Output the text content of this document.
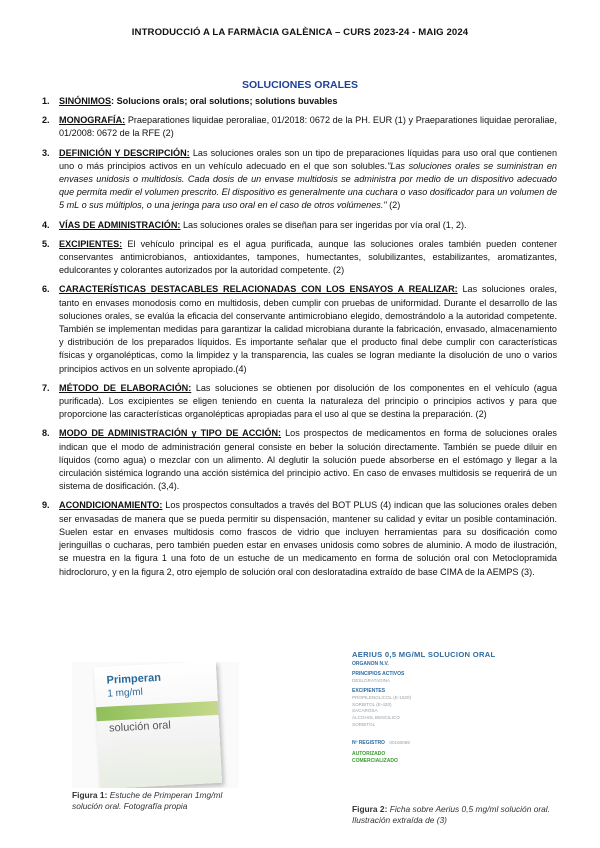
INTRODUCCIÓ A LA FARMÀCIA GALÈNICA – CURS 2023-24 - MAIG 2024
SOLUCIONES ORALES
1. SINÓNIMOS: Solucions orals; oral solutions; solutions buvables
2. MONOGRAFÍA: Praeparationes liquidae peroraliae, 01/2018: 0672 de la PH. EUR (1) y Praeparationes liquidae peroraliae, 01/2008: 0672 de la RFE (2)
3. DEFINICIÓN Y DESCRIPCIÓN: Las soluciones orales son un tipo de preparaciones líquidas para uso oral que contienen uno o más principios activos en un vehículo adecuado en el que son solubles."Las soluciones orales se suministran en envases unidosis o multidosis. Cada dosis de un envase multidosis se administra por medio de un dispositivo adecuado que permita medir el volumen prescrito. El dispositivo es generalmente una cuchara o vaso dosificador para un volumen de 5 mL o sus múltiplos, o una jeringa para uso oral en el caso de otros volúmenes." (2)
4. VÍAS DE ADMINISTRACIÓN: Las soluciones orales se diseñan para ser ingeridas por vía oral (1, 2).
5. EXCIPIENTES: El vehículo principal es el agua purificada, aunque las soluciones orales también pueden contener conservantes antimicrobianos, antioxidantes, tampones, humectantes, solubilizantes, estabilizantes, aromatizantes, edulcorantes y colorantes autorizados por la autoridad competente. (2)
6. CARACTERÍSTICAS DESTACABLES RELACIONADAS CON LOS ENSAYOS A REALIZAR: Las soluciones orales, tanto en envases monodosis como en multidosis, deben cumplir con pruebas de uniformidad. Durante el desarrollo de las soluciones orales, se evalúa la eficacia del conservante antimicrobiano elegido, demostrándolo a la autoridad competente. También se implementan medidas para garantizar la calidad microbiana durante la fabricación, envasado, almacenamiento y distribución de los preparados líquidos. Es importante señalar que el producto final debe cumplir con características físicas y organolépticas, como la limpidez y la transparencia, las cuales se logran mediante la disolución de uno o varios principios activos en un solvente apropiado.(4)
7. MÉTODO DE ELABORACIÓN: Las soluciones se obtienen por disolución de los componentes en el vehículo (agua purificada). Los excipientes se eligen teniendo en cuenta la naturaleza del principio o principios activos y para que proporcione las características organolépticas apropiadas para el uso al que se destina la preparación. (2)
8. MODO DE ADMINISTRACIÓN y TIPO DE ACCIÓN: Los prospectos de medicamentos en forma de soluciones orales indican que el modo de administración general consiste en beber la solución directamente. También se puede diluir en líquidos (como agua) o mezclar con un alimento. Al deglutir la solución puede absorberse en el estómago y llegar a la circulación sistémica logrando una acción sistémica del principio activo. En caso de envases multidosis se requerirá de un sistema de dosificación. (3,4).
9. ACONDICIONAMIENTO: Los prospectos consultados a través del BOT PLUS (4) indican que las soluciones orales deben ser envasadas de manera que se pueda permitir su dispensación, mantener su calidad y evitar un posible contaminación. Suelen estar en envases multidosis como frascos de vidrio que incluyen herramientas para su dosificación como jeringuillas o cucharas, pero también pueden estar en envases unidosis como sobres de aluminio. A modo de ilustración, se muestra en la figura 1 una foto de un estuche de un medicamento en forma de solución oral con Metoclopramida hidrocloruro, y en la figura 2, otro ejemplo de solución oral con desloratadina extraído de base CIMA de la AEMPS (3).
Primperan
1 mg/ml
solución oral
Figura 1: Estuche de Primperan 1mg/ml solución oral. Fotografía propia
AERIUS 0,5 MG/ML SOLUCION ORAL
ORGANON N.V.
PRINCIPIOS ACTIVOS
DESLORATADINA
EXCIPIENTES
PROPILENGLICOL (E-1520)
SORBITOL (E-420)
SACAROSA
ALCOHOL BENCILICO
SORBITOL
Nº REGISTRO 00160069
AUTORIZADO
COMERCIALIZADO
Figura 2: Ficha sobre Aerius 0,5 mg/ml solución oral. Ilustración extraída de (3)
